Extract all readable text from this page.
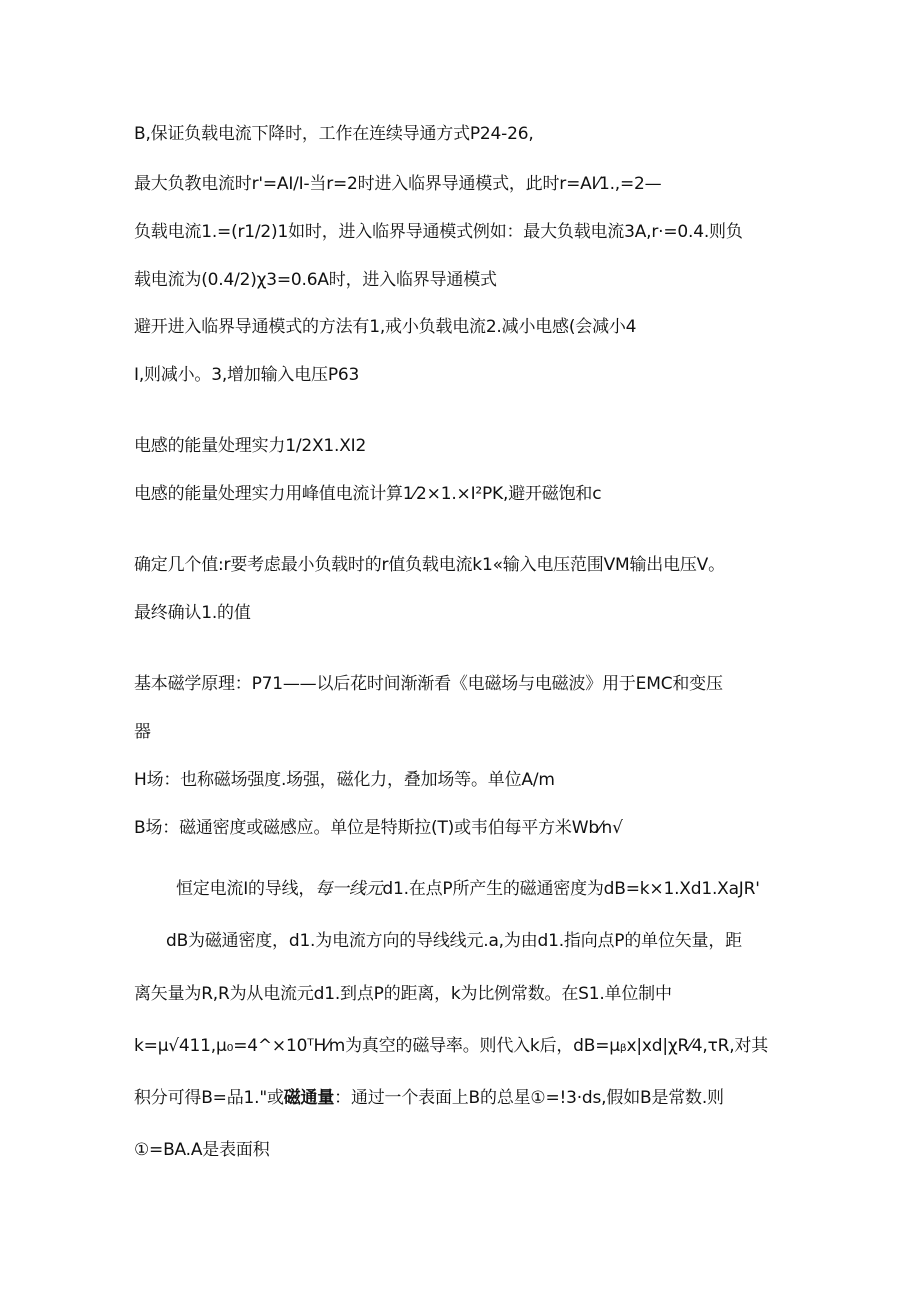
B,保证负载电流下降时，工作在连续导通方式P24-26,
最大负教电流时r'=AI/I-当r=2时进入临界导通模式，此时r=AI⁄1.,=2—
负载电流1.=(r1/2)1如时，进入临界导通模式例如：最大负载电流3A,r·=0.4.则负
载电流为(0.4/2)χ3=0.6A时，进入临界导通模式
避开进入临界导通模式的方法有1,戒小负载电流2.减小电感(会减小4
I,则减小。3,增加输入电压P63
电感的能量处理实力1/2X1.XI2
电感的能量处理实力用峰值电流计算1⁄2×1.×I²PK,避开磁饱和c
确定几个值:r要考虑最小负载时的r值负载电流k1«输入电压范围VM输出电压V。
最终确认1.的值
基本磁学原理：P71——以后花时间渐渐看《电磁场与电磁波》用于EMC和变压
器
H场：也称磁场强度.场强，磁化力，叠加场等。单位A/m
B场：磁通密度或磁感应。单位是特斯拉(T)或韦伯每平方米Wb⁄n√
恒定电流I的导线，每一线元d1.在点P所产生的磁通密度为dB=k×1.Xd1.XaJR'
dB为磁通密度，d1.为电流方向的导线线元.a,为由d1.指向点P的单位矢量，距
离矢量为R,R为从电流元d1.到点P的距离，k为比例常数。在S1.单位制中
k=μ√411,μ₀=4^×10ᵀH⁄m为真空的磁导率。则代入k后，dB=μᵦx|xd|χR⁄4,τR,对其
积分可得B=品1."或磁通量：通过一个表面上B的总星①=!3·ds,假如B是常数.则
①=BA.A是表面积
